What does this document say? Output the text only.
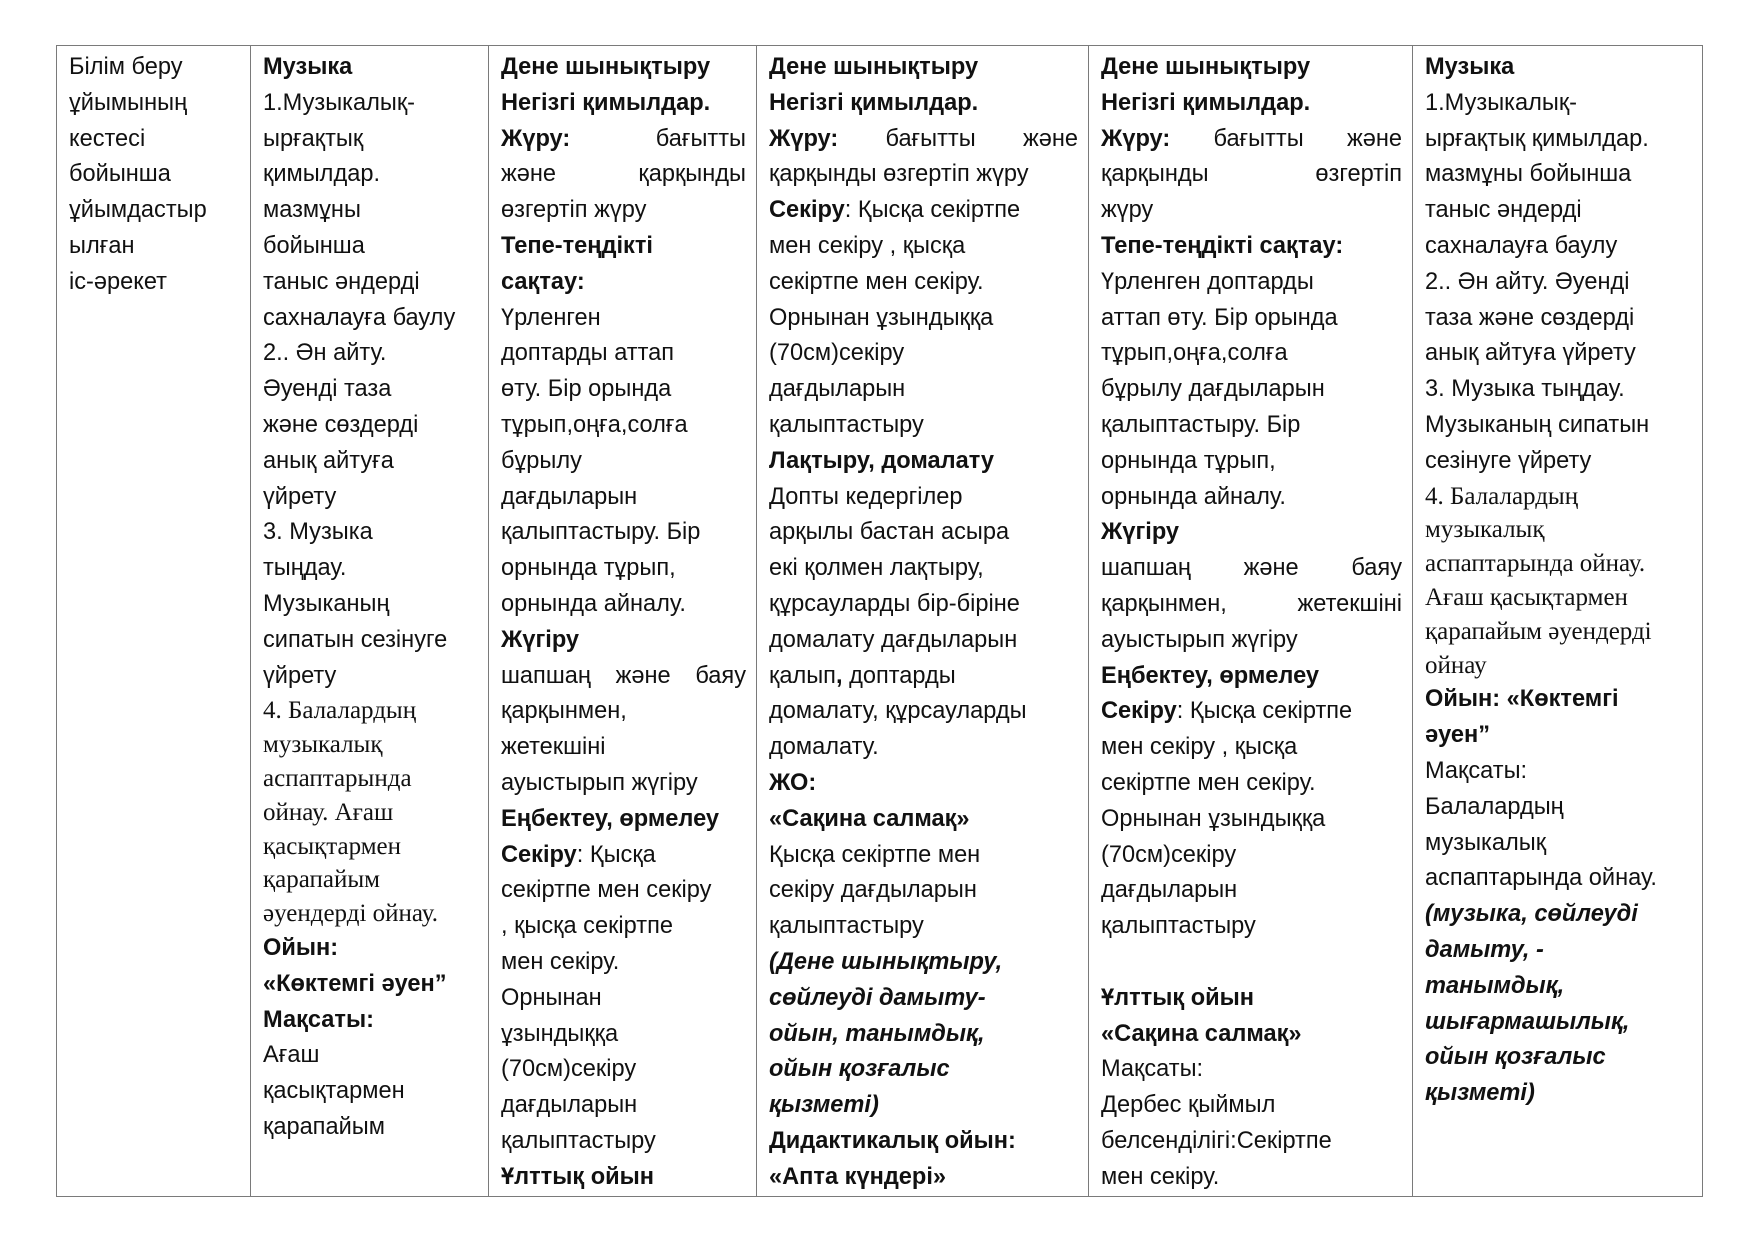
Білім беру
ұйымының
кестесі
бойынша
ұйымдастыр
ылған
іс-әрекет

Музыка
1.Музыкалық-
ырғақтық
қимылдар.
мазмұны
бойынша
таныс әндерді
сахналауға баулу
2.. Ән айту.
Әуенді таза
және сөздерді
анық айтуға
үйрету
3. Музыка
тыңдау.
Музыканың
сипатын сезінуге
үйрету
4. Балалардың
музыкалық
аспаптарында
ойнау. Ағаш
қасықтармен
қарапайым
әуендерді ойнау.
Ойын:
«Көктемгі әуен”
Мақсаты:
Ағаш
қасықтармен
қарапайым

Дене шынықтыру
Негізгі қимылдар.
Жүру:	бағытты
және	қарқынды
өзгертіп жүру
Тепе-теңдікті
сақтау:
Үрленген
доптарды аттап
өту. Бір орында
тұрып,оңға,солға
бұрылу
дағдыларын
қалыптастыру. Бір
орнында тұрып,
орнында айналу.
Жүгіру
шапшаң және баяу
қарқынмен,
жетекшіні
ауыстырып жүгіру
Еңбектеу, өрмелеу
Секіру: Қысқа
секіртпе мен секіру
, қысқа секіртпе
мен секіру.
Орнынан
ұзындыққа
(70см)секіру
дағдыларын
қалыптастыру
Ұлттық ойын

Дене шынықтыру
Негізгі қимылдар.
Жүру: бағытты және
қарқынды өзгертіп жүру
Секіру: Қысқа секіртпе
мен секіру , қысқа
секіртпе мен секіру.
Орнынан ұзындыққа
(70см)секіру
дағдыларын
қалыптастыру
Лақтыру, домалату
Допты кедергілер
арқылы бастан асыра
екі қолмен лақтыру,
құрсауларды бір-біріне
домалату дағдыларын
қалып, доптарды
домалату, құрсауларды
домалату.
ЖО:
«Сақина салмақ»
Қысқа секіртпе мен
секіру дағдыларын
қалыптастыру
(Дене шынықтыру,
сөйлеуді дамыту-
ойын, танымдық,
ойын қозғалыс
қызметі)
Дидактикалық ойын:
«Апта күндері»

Дене шынықтыру
Негізгі қимылдар.
Жүру: бағытты және
қарқынды	өзгертіп
жүру
Тепе-теңдікті сақтау:
Үрленген доптарды
аттап өту. Бір орында
тұрып,оңға,солға
бұрылу дағдыларын
қалыптастыру. Бір
орнында тұрып,
орнында айналу.
Жүгіру
шапшаң және баяу
қарқынмен, жетекшіні
ауыстырып жүгіру
Еңбектеу, өрмелеу
Секіру: Қысқа секіртпе
мен секіру , қысқа
секіртпе мен секіру.
Орнынан ұзындыққа
(70см)секіру
дағдыларын
қалыптастыру
Ұлттық ойын
«Сақина салмақ»
Мақсаты:
Дербес қыймыл
белсенділігі:Секіртпе
мен секіру.

Музыка
1.Музыкалық-
ырғақтық қимылдар.
мазмұны бойынша
таныс әндерді
сахналауға баулу
2.. Ән айту. Әуенді
таза және сөздерді
анық айтуға үйрету
3. Музыка тыңдау.
Музыканың сипатын
сезінуге үйрету
4. Балалардың
музыкалық
аспаптарында ойнау.
Ағаш қасықтармен
қарапайым әуендерді
ойнау
Ойын: «Көктемгі
әуен”
Мақсаты:
Балалардың
музыкалық
аспаптарында ойнау.
(музыка, сөйлеуді
дамыту, -
танымдық,
шығармашылық,
ойын қозғалыс
қызметі)
